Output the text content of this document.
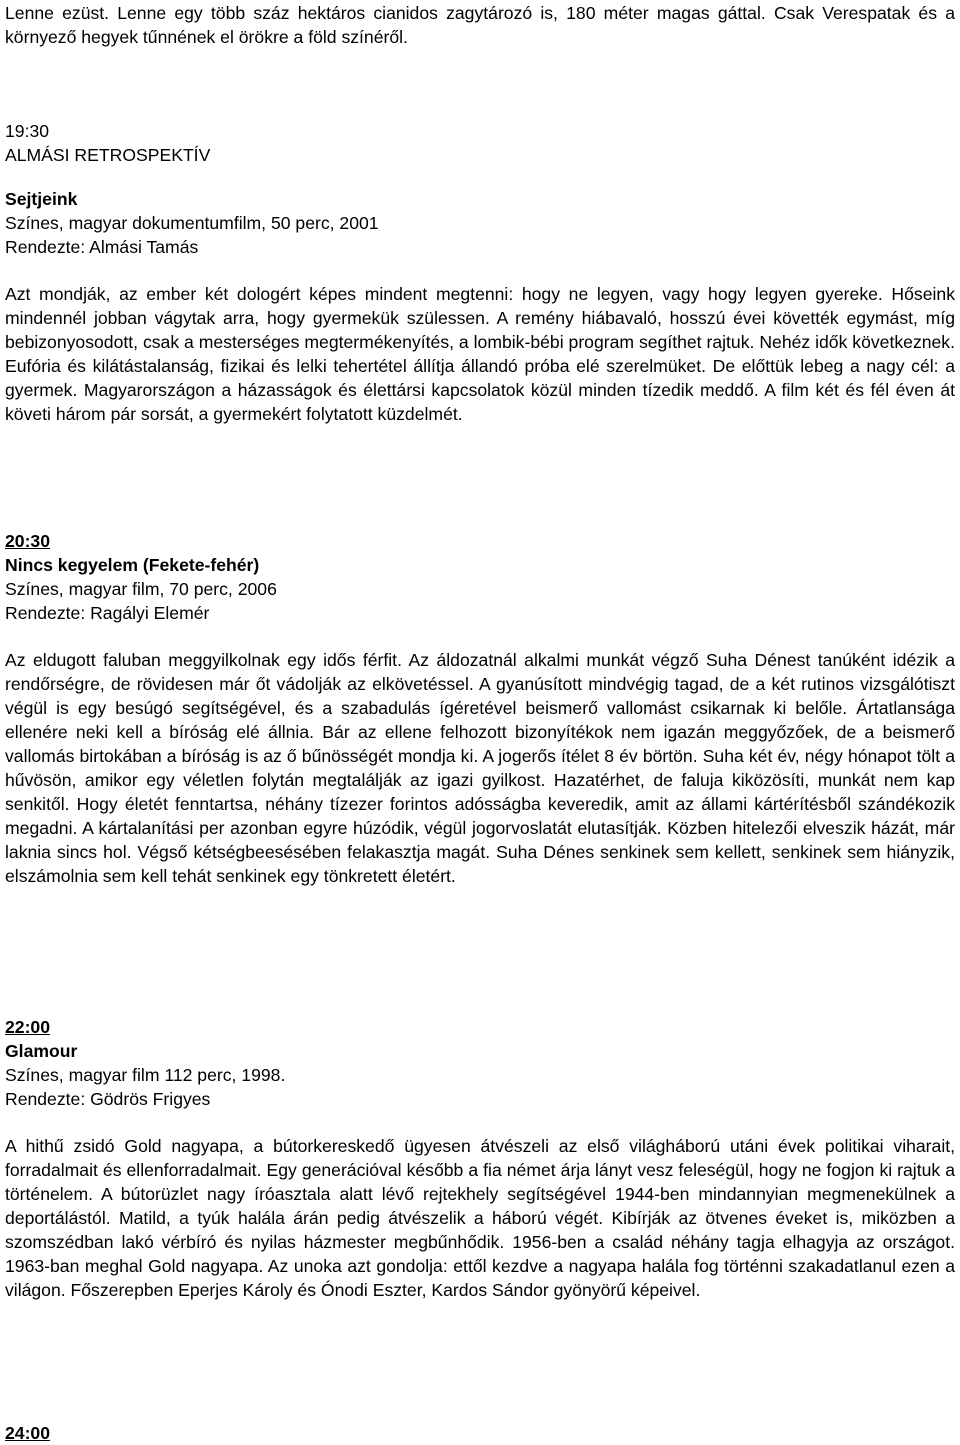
Lenne ezüst. Lenne egy több száz hektáros cianidos zagytározó is, 180 méter magas gáttal. Csak Verespatak és a környező hegyek tűnnének el örökre a föld színéről.

19:30

ALMÁSI RETROSPEKTÍV

Sejtjeink

Színes, magyar dokumentumfilm, 50 perc, 2001

Rendezte: Almási Tamás

Azt mondják, az ember két dologért képes mindent megtenni: hogy ne legyen, vagy hogy legyen gyereke. Hőseink mindennél jobban vágytak arra, hogy gyermekük szülessen. A remény hiábavaló, hosszú évei követték egymást, míg bebizonyosodott, csak a mesterséges megtermékenyítés, a lombik-bébi program segíthet rajtuk. Nehéz idők következnek. Eufória és kilátástalanság, fizikai és lelki tehertétel állítja állandó próba elé szerelmüket. De előttük lebeg a nagy cél: a gyermek. Magyarországon a házasságok és élettársi kapcsolatok közül minden tízedik meddő. A film két és fél éven át követi három pár sorsát, a gyermekért folytatott küzdelmét.

20:30

Nincs kegyelem (Fekete-fehér)

Színes, magyar film, 70 perc, 2006

Rendezte: Ragályi Elemér

Az eldugott faluban meggyilkolnak egy idős férfit. Az áldozatnál alkalmi munkát végző Suha Dénest tanúként idézik a rendőrségre, de rövidesen már őt vádolják az elkövetéssel. A gyanúsított mindvégig tagad, de a két rutinos vizsgálótiszt végül is egy besúgó segítségével, és a szabadulás ígéretével beismerő vallomást csikarnak ki belőle. Ártatlansága ellenére neki kell a bíróság elé állnia. Bár az ellene felhozott bizonyítékok nem igazán meggyőzőek, de a beismerő vallomás birtokában a bíróság is az ő bűnösségét mondja ki. A jogerős ítélet 8 év börtön. Suha két év, négy hónapot tölt a hűvösön, amikor egy véletlen folytán megtalálják az igazi gyilkost. Hazatérhet, de faluja kiközösíti, munkát nem kap senkitől. Hogy életét fenntartsa, néhány tízezer forintos adósságba keveredik, amit az állami kártérítésből szándékozik megadni. A kártalanítási per azonban egyre húzódik, végül jogorvoslatát elutasítják. Közben hitelezői elveszik házát, már laknia sincs hol. Végső kétségbeesésében felakasztja magát. Suha Dénes senkinek sem kellett, senkinek sem hiányzik, elszámolnia sem kell tehát senkinek egy tönkretett életért.

22:00

Glamour

Színes, magyar film 112 perc, 1998.

Rendezte: Gödrös Frigyes

A hithű zsidó Gold nagyapa, a bútorkereskedő ügyesen átvészeli az első világháború utáni évek politikai viharait, forradalmait és ellenforradalmait. Egy generációval később a fia német árja lányt vesz feleségül, hogy ne fogjon ki rajtuk a történelem. A bútorüzlet nagy íróasztala alatt lévő rejtekhely segítségével 1944-ben mindannyian megmenekülnek a deportálástól. Matild, a tyúk halála árán pedig átvészelik a háború végét. Kibírják az ötvenes éveket is, miközben a szomszédban lakó vérbíró és nyilas házmester megbűnhődik. 1956-ben a család néhány tagja elhagyja az országot. 1963-ban meghal Gold nagyapa. Az unoka azt gondolja: ettől kezdve a nagyapa halála fog történni szakadatlanul ezen a világon. Főszerepben Eperjes Károly és Ónodi Eszter, Kardos Sándor gyönyörű képeivel.

24:00
